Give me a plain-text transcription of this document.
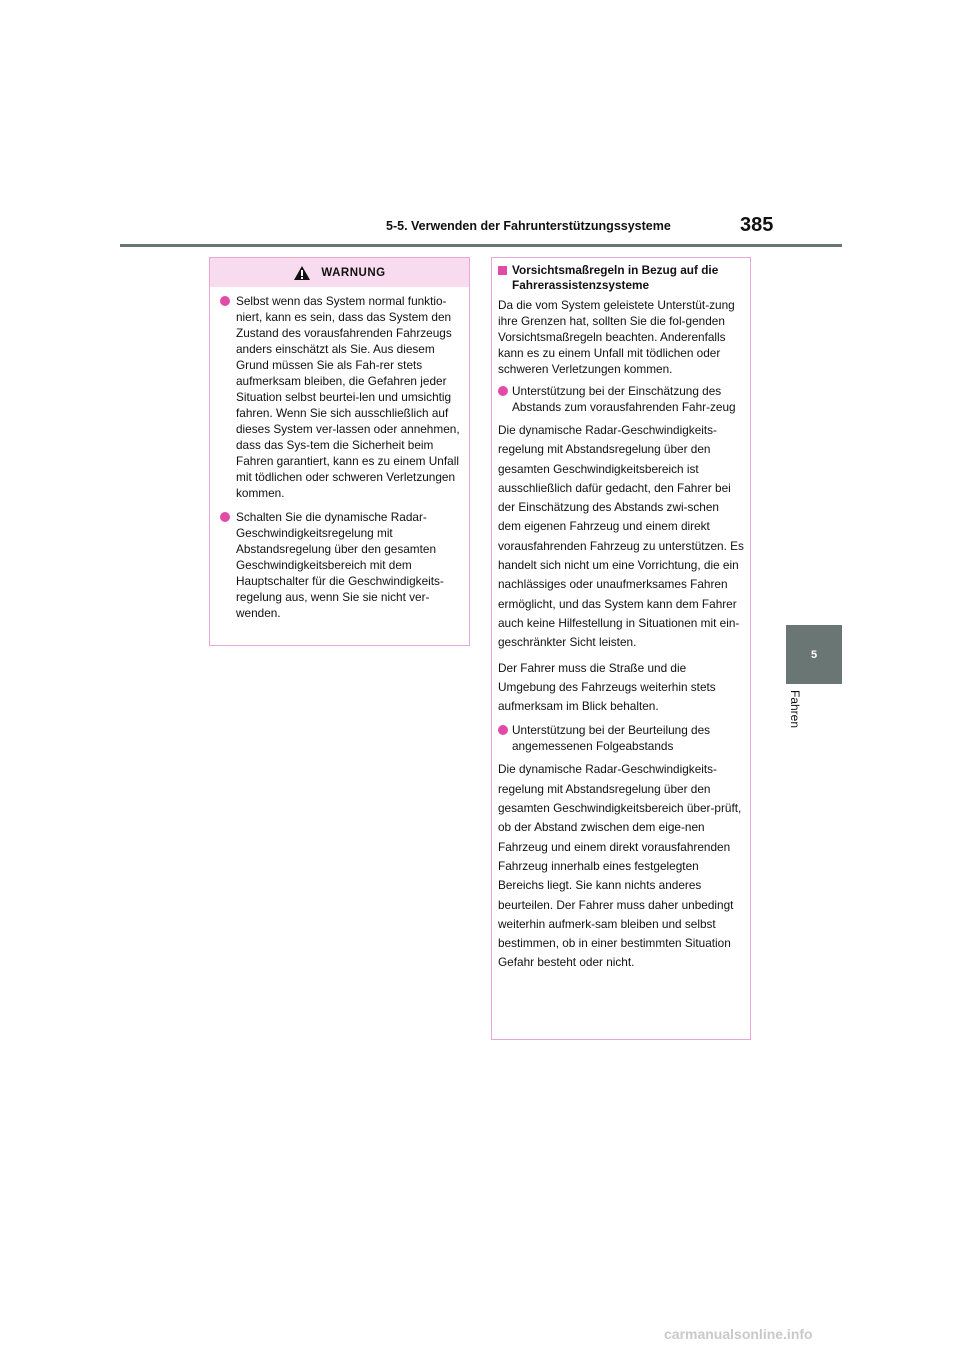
5-5. Verwenden der Fahrunterstützungssysteme	385
5
Fahren
WARNUNG
Selbst wenn das System normal funktio-niert, kann es sein, dass das System den Zustand des vorausfahrenden Fahrzeugs anders einschätzt als Sie. Aus diesem Grund müssen Sie als Fah-rer stets aufmerksam bleiben, die Gefahren jeder Situation selbst beurtei-len und umsichtig fahren. Wenn Sie sich ausschließlich auf dieses System ver-lassen oder annehmen, dass das Sys-tem die Sicherheit beim Fahren garantiert, kann es zu einem Unfall mit tödlichen oder schweren Verletzungen kommen.
Schalten Sie die dynamische Radar-Geschwindigkeitsregelung mit Abstandsregelung über den gesamten Geschwindigkeitsbereich mit dem Hauptschalter für die Geschwindigkeits-regelung aus, wenn Sie sie nicht ver-wenden.
Vorsichtsmaßregeln in Bezug auf die Fahrerassistenzsysteme
Da die vom System geleistete Unterstüt-zung ihre Grenzen hat, sollten Sie die fol-genden Vorsichtsmaßregeln beachten. Anderenfalls kann es zu einem Unfall mit tödlichen oder schweren Verletzungen kommen.
Unterstützung bei der Einschätzung des Abstands zum vorausfahrenden Fahr-zeug
Die dynamische Radar-Geschwindigkeits-regelung mit Abstandsregelung über den gesamten Geschwindigkeitsbereich ist ausschließlich dafür gedacht, den Fahrer bei der Einschätzung des Abstands zwi-schen dem eigenen Fahrzeug und einem direkt vorausfahrenden Fahrzeug zu unterstützen. Es handelt sich nicht um eine Vorrichtung, die ein nachlässiges oder unaufmerksames Fahren ermöglicht, und das System kann dem Fahrer auch keine Hilfestellung in Situationen mit ein-geschränkter Sicht leisten.
Der Fahrer muss die Straße und die Umgebung des Fahrzeugs weiterhin stets aufmerksam im Blick behalten.
Unterstützung bei der Beurteilung des angemessenen Folgeabstands
Die dynamische Radar-Geschwindigkeits-regelung mit Abstandsregelung über den gesamten Geschwindigkeitsbereich über-prüft, ob der Abstand zwischen dem eige-nen Fahrzeug und einem direkt vorausfahrenden Fahrzeug innerhalb eines festgelegten Bereichs liegt. Sie kann nichts anderes beurteilen. Der Fahrer muss daher unbedingt weiterhin aufmerk-sam bleiben und selbst bestimmen, ob in einer bestimmten Situation Gefahr besteht oder nicht.
carmanualsonline.info
